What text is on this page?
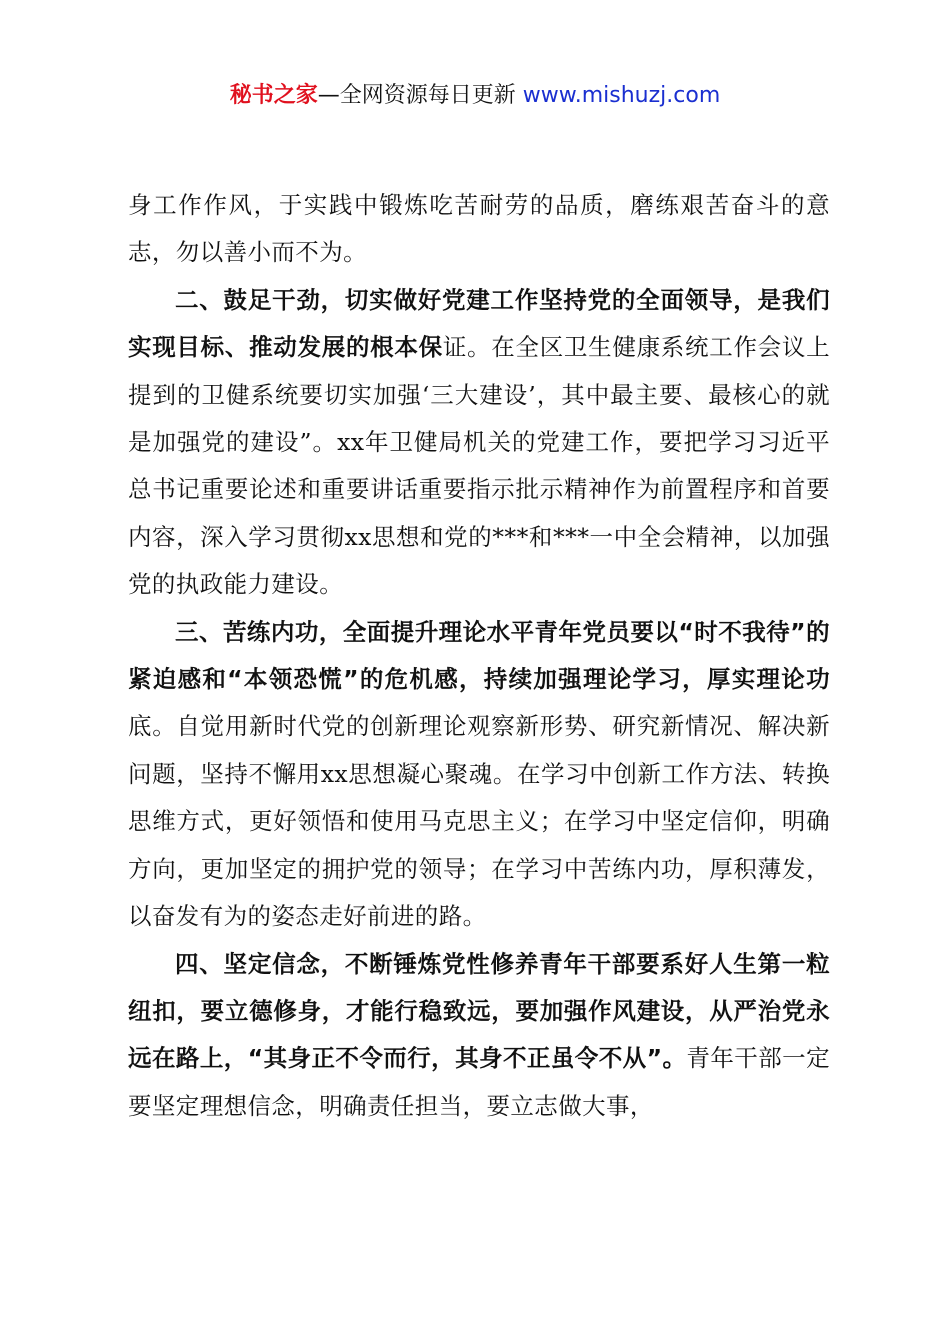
秘书之家—全网资源每日更新 www.mishuzj.com

身工作作风，于实践中锻炼吃苦耐劳的品质，磨练艰苦奋斗的意志，勿以善小而不为。

二、鼓足干劲，切实做好党建工作坚持党的全面领导，是我们实现目标、推动发展的根本保证。在全区卫生健康系统工作会议上提到的卫健系统要切实加强‘三大建设’，其中最主要、最核心的就是加强党的建设”。xx年卫健局机关的党建工作，要把学习习近平总书记重要论述和重要讲话重要指示批示精神作为前置程序和首要内容，深入学习贯彻xx思想和党的***和***一中全会精神，以加强党的执政能力建设。

三、苦练内功，全面提升理论水平青年党员要以“时不我待”的紧迫感和“本领恐慌”的危机感，持续加强理论学习，厚实理论功底。自觉用新时代党的创新理论观察新形势、研究新情况、解决新问题，坚持不懈用xx思想凝心聚魂。在学习中创新工作方法、转换思维方式，更好领悟和使用马克思主义；在学习中坚定信仰，明确方向，更加坚定的拥护党的领导；在学习中苦练内功，厚积薄发，以奋发有为的姿态走好前进的路。

四、坚定信念，不断锤炼党性修养青年干部要系好人生第一粒纽扣，要立德修身，才能行稳致远，要加强作风建设，从严治党永远在路上，“其身正不令而行，其身不正虽令不从”。青年干部一定要坚定理想信念，明确责任担当，要立志做大事，
